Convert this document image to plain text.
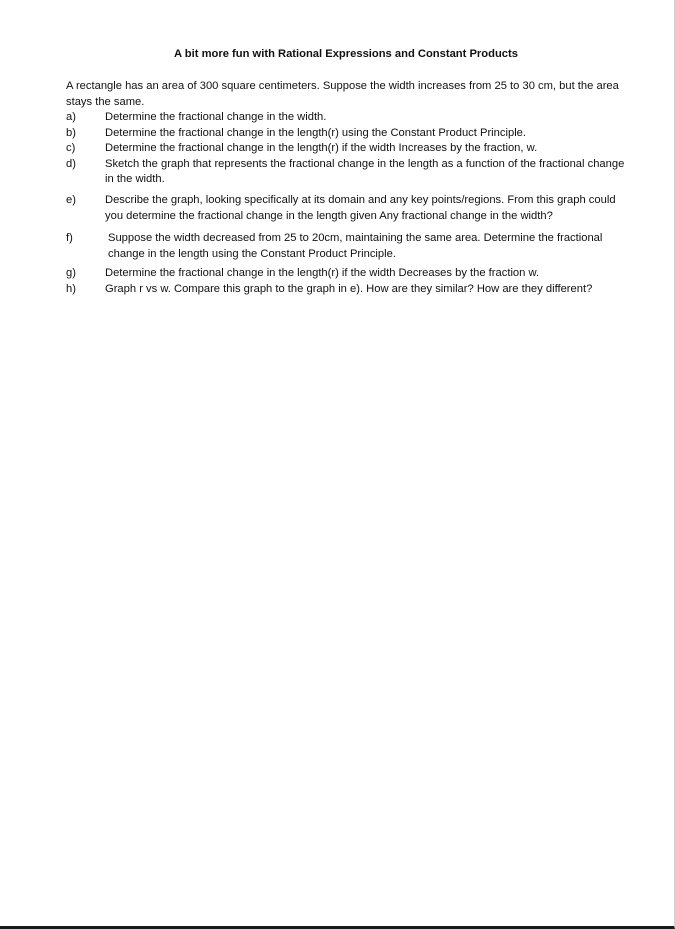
A bit more fun with Rational Expressions and Constant Products
A rectangle has an area of 300 square centimeters. Suppose the width increases from 25 to 30 cm, but the area stays the same.
a)	Determine the fractional change in the width.
b)	Determine the fractional change in the length(r) using the Constant Product Principle.
c)	Determine the fractional change in the length(r) if the width Increases by the fraction, w.
d)	Sketch the graph that represents the fractional change in the length as a function of the fractional change in the width.
e)	Describe the graph, looking specifically at its domain and any key points/regions. From this graph could you determine the fractional change in the length given Any fractional change in the width?
f)	Suppose the width decreased from 25 to 20cm, maintaining the same area. Determine the fractional change in the length using the Constant Product Principle.
g)	Determine the fractional change in the length(r) if the width Decreases by the fraction w.
h)	Graph r vs w. Compare this graph to the graph in e). How are they similar? How are they different?
